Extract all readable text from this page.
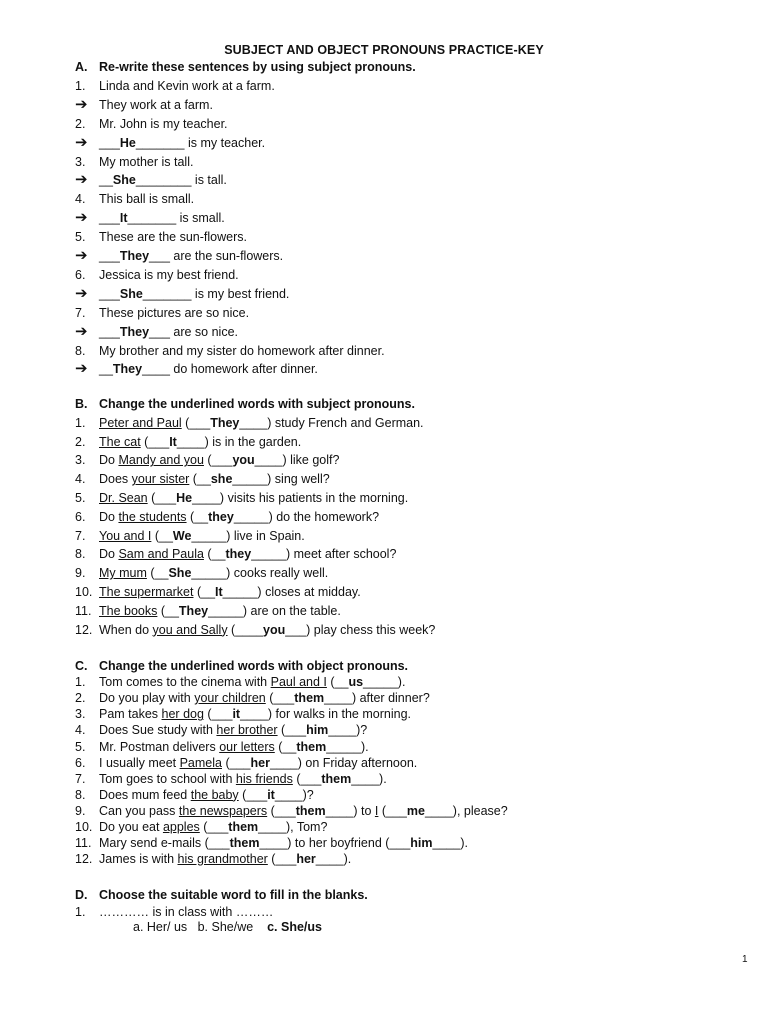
SUBJECT AND OBJECT PRONOUNS PRACTICE-KEY
A. Re-write these sentences by using subject pronouns.
1.	Linda and Kevin work at a farm.
➔ They work at a farm.
2.	Mr. John is my teacher.
➔ ___He_______ is my teacher.
3.	My mother is tall.
➔ __She________ is tall.
4.	This ball is small.
➔ ___It_______ is small.
5.	These are the sun-flowers.
➔ ___They___ are the sun-flowers.
6.	Jessica is my best friend.
➔ ___She_______ is my best friend.
7.	These pictures are so nice.
➔ ___They___ are so nice.
8.	My brother and my sister do homework after dinner.
➔ __They____ do homework after dinner.
B. Change the underlined words with subject pronouns.
1.	Peter and Paul (___They____) study French and German.
2.	The cat (___It____) is in the garden.
3.	Do Mandy and you (___you____) like golf?
4.	Does your sister (__she_____) sing well?
5.	Dr. Sean (___He____) visits his patients in the morning.
6.	Do the students (__they_____) do the homework?
7.	You and I (__We_____) live in Spain.
8.	Do Sam and Paula (__they_____) meet after school?
9.	My mum (__She_____) cooks really well.
10. The supermarket (__It_____) closes at midday.
11. The books (__They_____) are on the table.
12. When do you and Sally (____you___) play chess this week?
C. Change the underlined words with object pronouns.
1.	Tom comes to the cinema with Paul and I (__us_____).
2.	Do you play with your children (___them____) after dinner?
3.	Pam takes her dog (___it____) for walks in the morning.
4.	Does Sue study with her brother (___him____)?
5.	Mr. Postman delivers our letters (__them_____).
6.	I usually meet Pamela (___her____) on Friday afternoon.
7.	Tom goes to school with his friends (___them____).
8.	Does mum feed the baby (___it____)?
9.	Can you pass the newspapers (___them____) to I (___me____), please?
10. Do you eat apples (___them____), Tom?
11. Mary send e-mails (___them____) to her boyfriend (___him____).
12. James is with his grandmother (___her____).
D. Choose the suitable word to fill in the blanks.
1.	………… is in class with ………
a. Her/ us   b. She/we    c. She/us
1
